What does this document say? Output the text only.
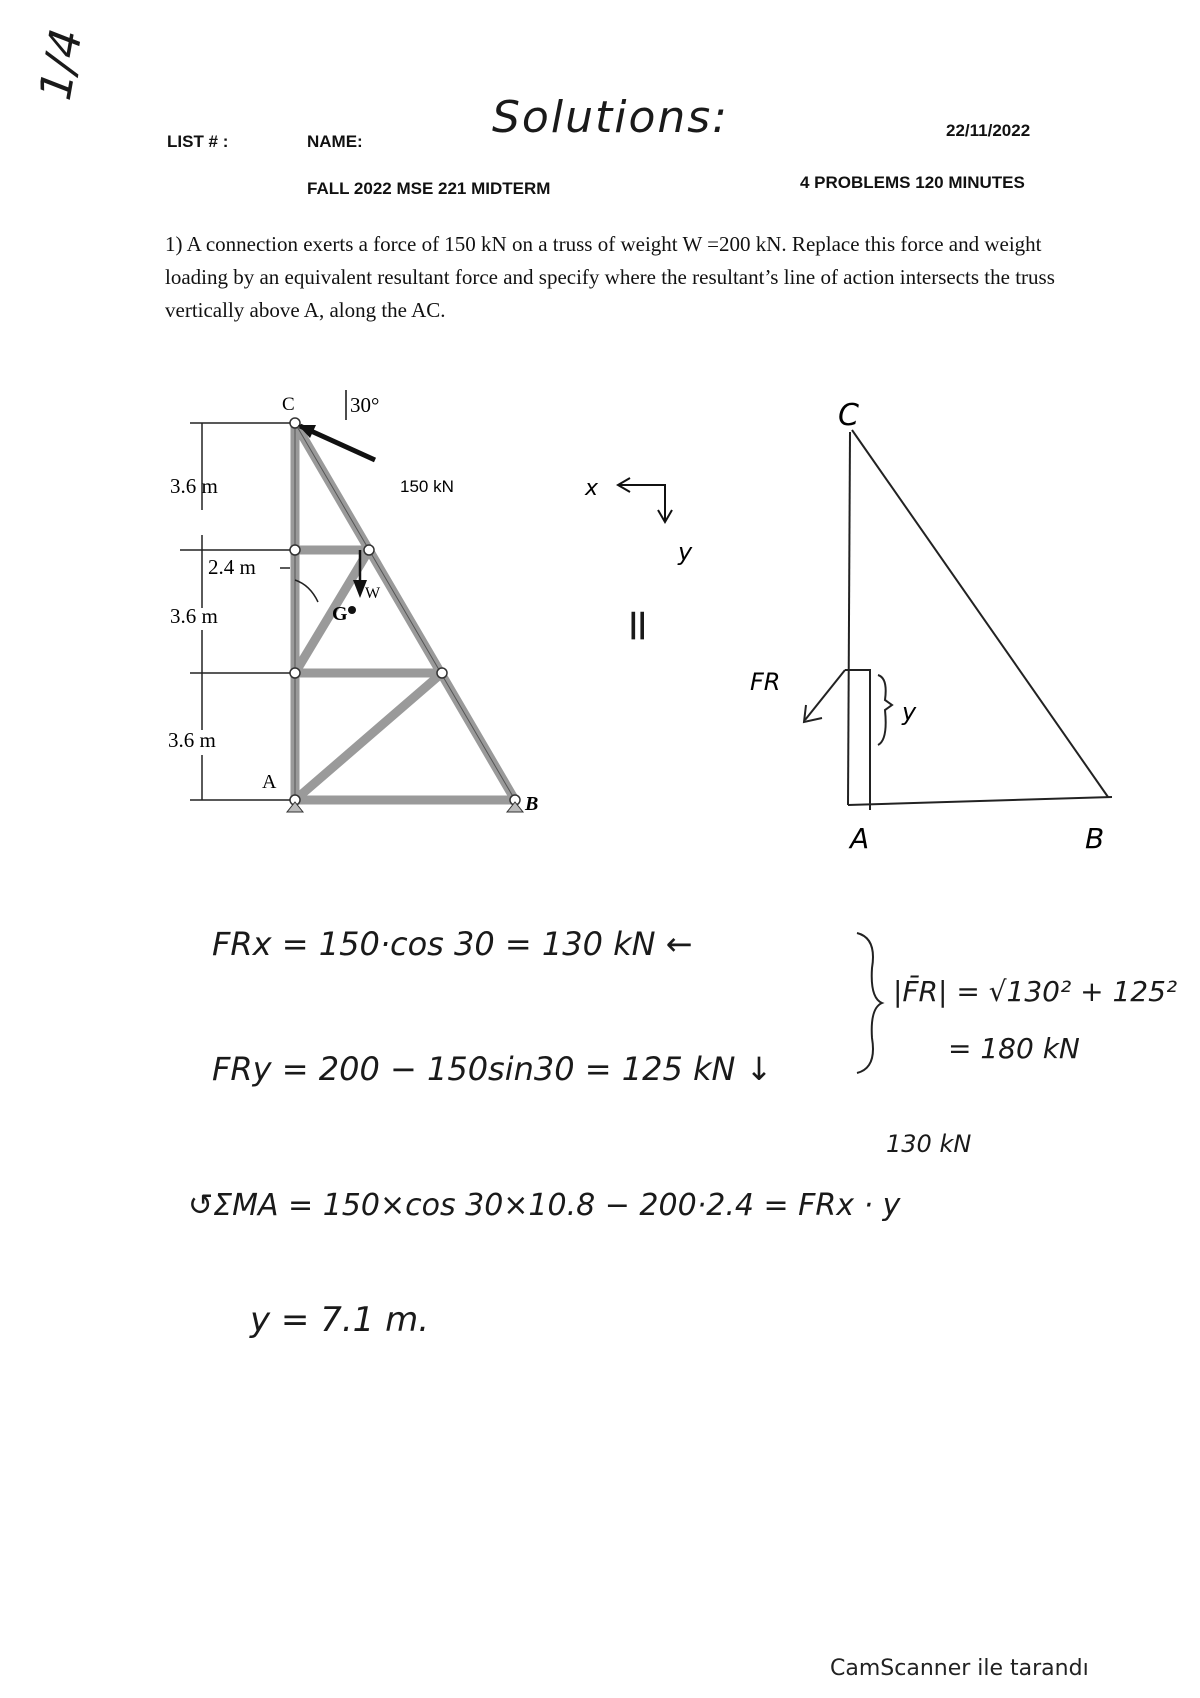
1/4
LIST # :	NAME:	Solutions:	22/11/2022
FALL 2022 MSE 221 MIDTERM	4 PROBLEMS 120 MINUTES
1) A connection exerts a force of 150 kN on a truss of weight W =200 kN. Replace this force and weight loading by an equivalent resultant force and specify where the resultant’s line of action intersects the truss vertically above A, along the AC.
C
A
B
G
W
3.6 m
2.4 m
3.6 m
3.6 m
30°
150 kN	x
y
=
C
FR
y
A	B
FRx = 150·cos 30 = 130 kN ←
FRy = 200 − 150sin30 = 125 kN ↓
|F̄R| = √130² + 125²
= 180 kN
130 kN
↺ΣMA = 150×cos 30×10.8 − 200·2.4 = FRx · y
y = 7.1 m.
CamScanner ile tarandı
